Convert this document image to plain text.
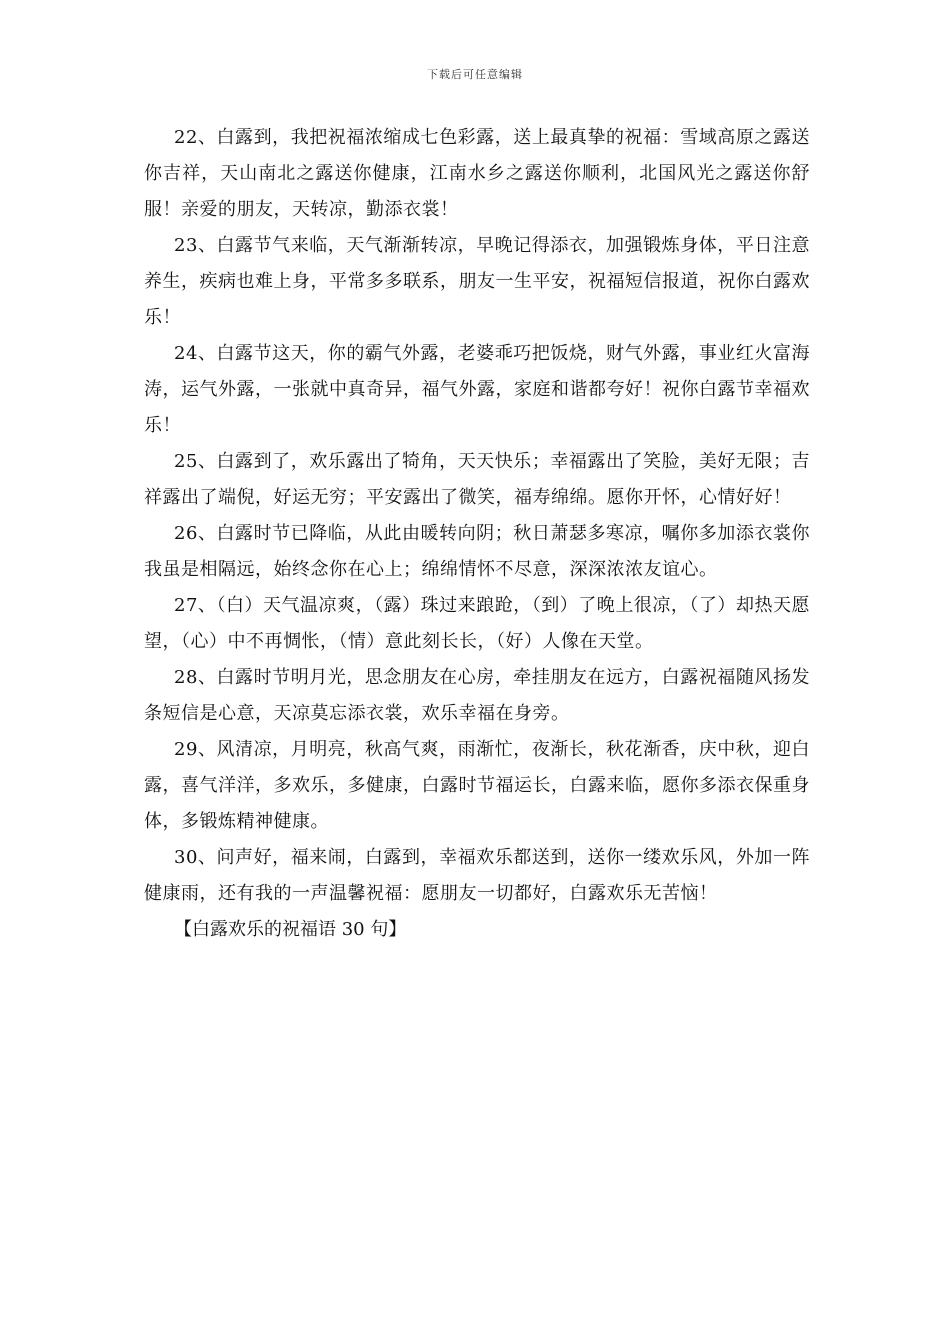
下载后可任意编辑

22、白露到，我把祝福浓缩成七色彩露，送上最真挚的祝福：雪域高原之露送你吉祥，天山南北之露送你健康，江南水乡之露送你顺利，北国风光之露送你舒服！亲爱的朋友，天转凉，勤添衣裳！

23、白露节气来临，天气渐渐转凉，早晚记得添衣，加强锻炼身体，平日注意养生，疾病也难上身，平常多多联系，朋友一生平安，祝福短信报道，祝你白露欢乐！

24、白露节这天，你的霸气外露，老婆乖巧把饭烧，财气外露，事业红火富海涛，运气外露，一张就中真奇异，福气外露，家庭和谐都夸好！祝你白露节幸福欢乐！

25、白露到了，欢乐露出了犄角，天天快乐；幸福露出了笑脸，美好无限；吉祥露出了端倪，好运无穷；平安露出了微笑，福寿绵绵。愿你开怀，心情好好！

26、白露时节已降临，从此由暖转向阴；秋日萧瑟多寒凉，嘱你多加添衣裳你我虽是相隔远，始终念你在心上；绵绵情怀不尽意，深深浓浓友谊心。

27、（白）天气温凉爽，（露）珠过来踉跄，（到）了晚上很凉，（了）却热天愿望，（心）中不再惆怅，（情）意此刻长长，（好）人像在天堂。

28、白露时节明月光，思念朋友在心房，牵挂朋友在远方，白露祝福随风扬发条短信是心意，天凉莫忘添衣裳，欢乐幸福在身旁。

29、风清凉，月明亮，秋高气爽，雨渐忙，夜渐长，秋花渐香，庆中秋，迎白露，喜气洋洋，多欢乐，多健康，白露时节福运长，白露来临，愿你多添衣保重身体，多锻炼精神健康。

30、问声好，福来闹，白露到，幸福欢乐都送到，送你一缕欢乐风，外加一阵健康雨，还有我的一声温馨祝福：愿朋友一切都好，白露欢乐无苦恼！

【白露欢乐的祝福语 30 句】
